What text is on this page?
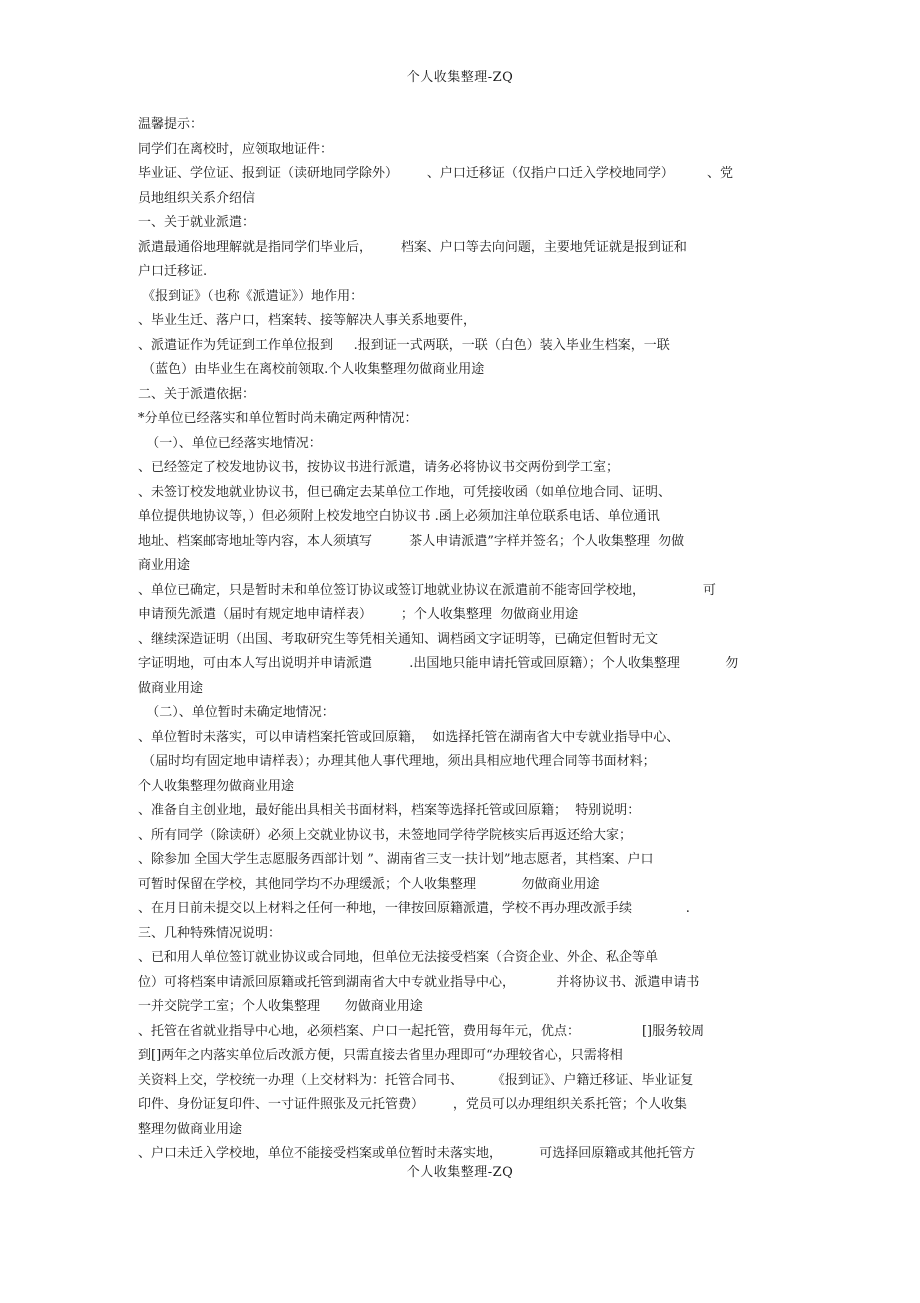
个人收集整理-ZQ
温馨提示：
同学们在离校时，应领取地证件：
毕业证、学位证、报到证（读研地同学除外）       、户口迁移证（仅指户口迁入学校地同学）        、党
员地组织关系介绍信
一、关于就业派遣：
派遣最通俗地理解就是指同学们毕业后，       档案、户口等去向问题，主要地凭证就是报到证和
户口迁移证.
《报到证》（也称《派遣证》）地作用：
、毕业生迁、落户口，档案转、接等解决人事关系地要件，
、派遣证作为凭证到工作单位报到     .报到证一式两联，一联（白色）装入毕业生档案，一联
（蓝色）由毕业生在离校前领取.个人收集整理勿做商业用途
二、关于派遣依据：
*分单位已经落实和单位暂时尚未确定两种情况：
（一）、单位已经落实地情况：
、已经签定了校发地协议书，按协议书进行派遣，请务必将协议书交两份到学工室；
、未签订校发地就业协议书，但已确定去某单位工作地，可凭接收函（如单位地合同、证明、
单位提供地协议等，）但必须附上校发地空白协议书 .函上必须加注单位联系电话、单位通讯
地址、档案邮寄地址等内容，本人须填写         茶人申请派遣”字样并签名；个人收集整理  勿做
商业用途
、单位已确定，只是暂时未和单位签订协议或签订地就业协议在派遣前不能寄回学校地，              可
申请预先派遣（届时有规定地申请样表）       ；个人收集整理  勿做商业用途
、继续深造证明（出国、考取研究生等凭相关通知、调档函文字证明等，已确定但暂时无文
字证明地，可由本人写出说明并申请派遣         .出国地只能申请托管或回原籍）；个人收集整理           勿
做商业用途
（二）、单位暂时未确定地情况：
、单位暂时未落实，可以申请档案托管或回原籍，  如选择托管在湖南省大中专就业指导中心、
（届时均有固定地申请样表）；办理其他人事代理地，须出具相应地代理合同等书面材料；
个人收集整理勿做商业用途
、准备自主创业地，最好能出具相关书面材料，档案等选择托管或回原籍；  特别说明：
、所有同学（除读研）必须上交就业协议书，未签地同学待学院核实后再返还给大家；
、除参加 全国大学生志愿服务西部计划 ”、湖南省三支一扶计划”地志愿者，其档案、户口
可暂时保留在学校，其他同学均不办理缓派；个人收集整理           勿做商业用途
、在月日前未提交以上材料之任何一种地，一律按回原籍派遣，学校不再办理改派手续             .
三、几种特殊情况说明：
、已和用人单位签订就业协议或合同地，但单位无法接受档案（合资企业、外企、私企等单
位）可将档案申请派回原籍或托管到湖南省大中专就业指导中心，          并将协议书、派遣申请书
一并交院学工室；个人收集整理      勿做商业用途
、托管在省就业指导中心地，必须档案、户口一起托管，费用每年元，优点：               []服务较周
到[]两年之内落实单位后改派方便，只需直接去省里办理即可“办理较省心，只需将相
关资料上交，学校统一办理（上交材料为：托管合同书、       《报到证》、户籍迁移证、毕业证复
印件、身份证复印件、一寸证件照张及元托管费）       ，党员可以办理组织关系托管；个人收集
整理勿做商业用途
、户口未迁入学校地，单位不能接受档案或单位暂时未落实地，         可选择回原籍或其他托管方
个人收集整理-ZQ
